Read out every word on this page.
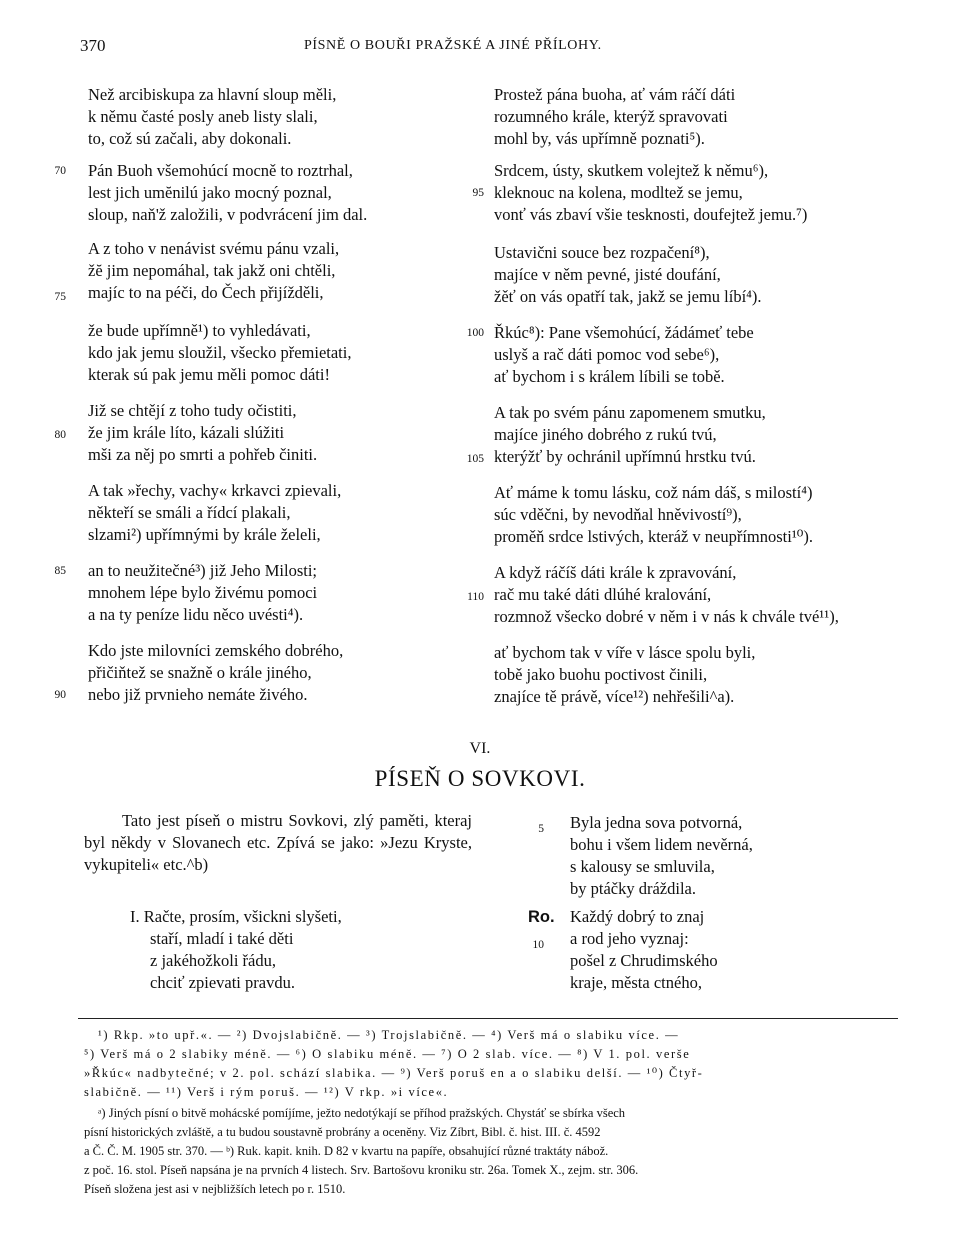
370	PÍSNĚ O BOUŘI PRAŽSKÉ A JINÉ PŘÍLOHY.
Než arcibiskupa za hlavní sloup měli,
k němu časté posly aneb listy slali,
to, což sú začali, aby dokonali.
70 Pán Buoh všemohúcí mocně to roztrhal,
lest jich umĕnilú jako mocný poznal,
sloup, naň'ž založili, v podvrácení jim dal.
75
A z toho v nenávist svému pánu vzali,
žĕ jim nepomáhal, tak jakž oni chtěli,
majíc to na péči, do Čech přijížděli,
že bude upřímně¹) to vyhledávati,
kdo jak jemu sloužil, všecko přemietati,
kterak sú pak jemu měli pomoc dáti!
80
Již se chtějí z toho tudy očistiti,
že jim krále líto, kázali slúžiti
mši za něj po smrti a pohřeb činiti.
A tak »řechy, vachy« krkavci zpievali,
někteří se smáli a řídcí plakali,
slzami²) upřímnými by krále želeli,
85 an to neužitečné³) již Jeho Milosti;
mnohem lépe bylo živému pomoci
a na ty peníze lidu něco uvésti⁴).
90
Kdo jste milovníci zemského dobrého,
přičiňtež se snažně o krále jiného,
nebo již prvnieho nemáte živého.
Prostež pána buoha, ať vám ráčí dáti
rozumného krále, kterýž spravovati
mohl by, vás upřímně poznati⁵).
95
Srdcem, ústy, skutkem volejtež k němu⁶),
kleknouc na kolena, modltež se jemu,
vonť vás zbaví všie tesknosti, doufejtež jemu.⁷)
Ustavični souce bez rozpačení⁸),
majíce v něm pevné, jisté doufání,
žěť on vás opatří tak, jakž se jemu líbí⁴).
100 Řkúc⁸): Pane všemohúcí, žádámeť tebe
uslyš a rač dáti pomoc vod sebe⁶),
ať bychom i s králem líbili se tobě.
105
A tak po svém pánu zapomenem smutku,
majíce jiného dobrého z rukú tvú,
kterýžť by ochránil upřímnú hrstku tvú.
Ať máme k tomu lásku, což nám dáš, s milostí⁴)
súc vděčni, by nevodňal hněvivostí⁹),
proměň srdce lstivých, kteráž v neupřímnosti¹⁰).
110
A když ráčíš dáti krále k zpravování,
rač mu také dáti dlúhé kralování,
rozmnož všecko dobré v něm i v nás k chvále tvé¹¹),
ať bychom tak v víře v lásce spolu byli,
tobě jako buohu poctivost činili,
znajíce tě právě, více¹²) nehřešili^a).
VI.
PÍSEŇ O SOVKOVI.
Tato jest píseň o mistru Sovkovi, zlý paměti, kteraj byl někdy v Slovanech etc. Zpívá se jako: »Jezu Kryste, vykupiteli« etc.^b)
I. Račte, prosím, všickni slyšeti,
staří, mladí i také děti
z jakéhožkoli řádu,
chciť zpievati pravdu.
5 Byla jedna sova potvorná,
bohu i všem lidem nevěrná,
s kalousy se smluvila,
by ptáčky dráždila.
Ro.
10
Každý dobrý to znaj
a rod jeho vyznaj:
pošel z Chrudimského
kraje, města ctného,
¹) Rkp. »to upř.«. — ²) Dvojslabičně. — ³) Trojslabičně. — ⁴) Verš má o slabiku více. —
⁵) Verš má o 2 slabiky méně. — ⁶) O slabiku méně. — ⁷) O 2 slab. více. — ⁸) V 1. pol. verše
»Řkúc« nadbytečné; v 2. pol. schází slabika. — ⁹) Verš poruš en a o slabiku delší. — ¹⁰) Čtyř-
slabičně. — ¹¹) Verš i rým poruš. — ¹²) V rkp. »i více«.
ᵃ) Jiných písní o bitvě mohácské pomíjíme, ježto nedotýkají se příhod pražských. Chystáť se sbírka všech
písní historických zvláště, a tu budou soustavně probrány a oceněny. Viz Zíbrt, Bibl. č. hist. III. č. 4592
a Č. Č. M. 1905 str. 370. — ᵇ) Ruk. kapit. knih. D 82 v kvartu na papíře, obsahující různé traktáty nábož.
z poč. 16. stol. Píseň napsána je na prvních 4 listech. Srv. Bartošovu kroniku str. 26a. Tomek X., zejm. str. 306.
Píseň složena jest asi v nejbližších letech po r. 1510.
